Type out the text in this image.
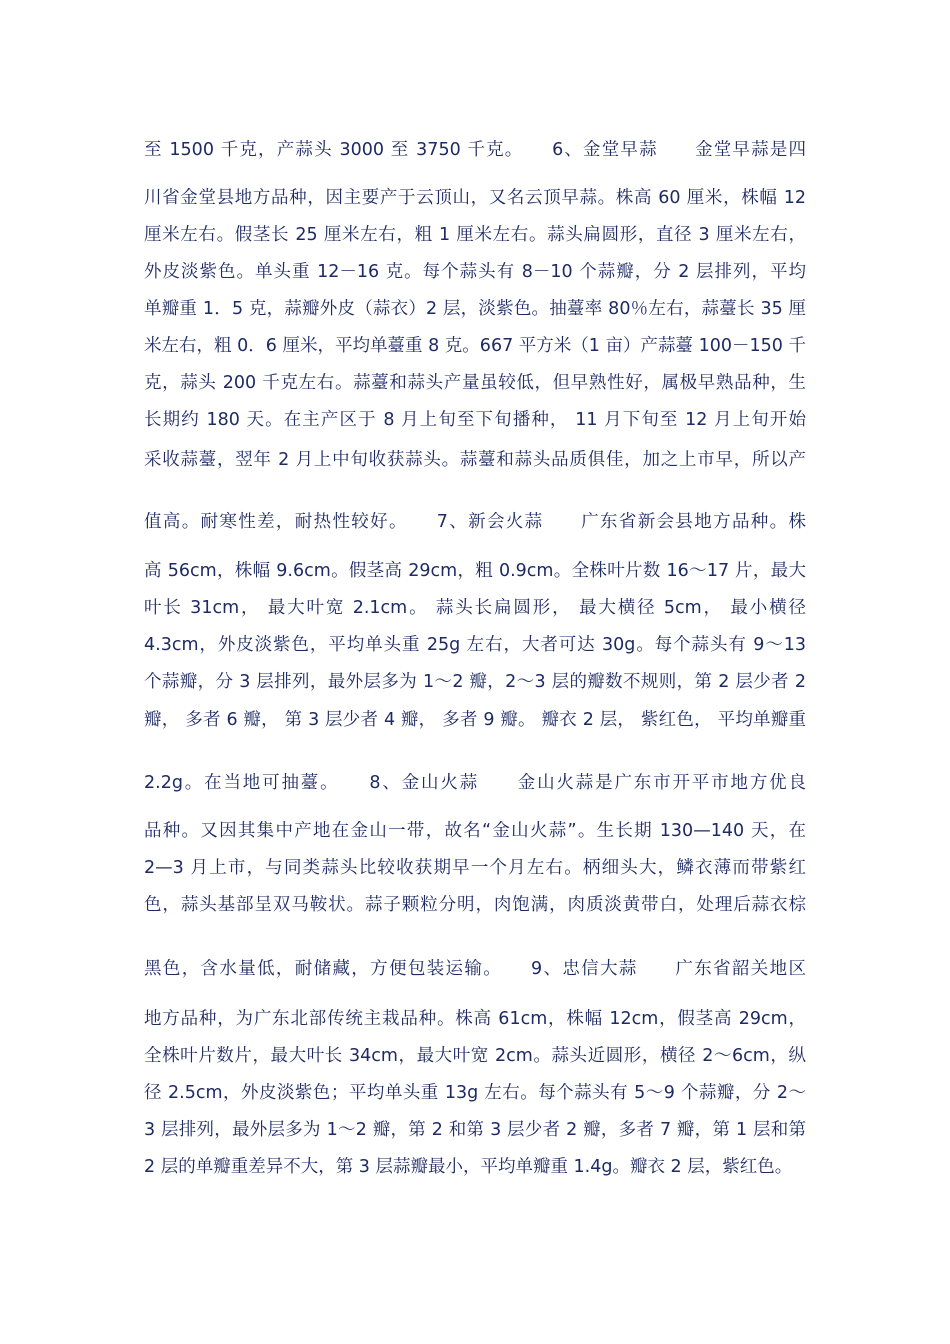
至 1500 千克，产蒜头 3000 至 3750 千克。　　6、金堂早蒜　　金堂早蒜是四
川省金堂县地方品种，因主要产于云顶山，又名云顶早蒜。株高 60 厘米，株幅 12
厘米左右。假茎长 25 厘米左右，粗 1 厘米左右。蒜头扁圆形，直径 3 厘米左右，
外皮淡紫色。单头重 12－16 克。每个蒜头有 8－10 个蒜瓣，分 2 层排列，平均
单瓣重 1．5 克，蒜瓣外皮（蒜衣）2 层，淡紫色。抽薹率 80％左右，蒜薹长 35 厘
米左右，粗 0．6 厘米，平均单薹重 8 克。667 平方米（1 亩）产蒜薹 100－150 千
克，蒜头 200 千克左右。蒜薹和蒜头产量虽较低，但早熟性好，属极早熟品种，生
长期约 180 天。在主产区于 8 月上旬至下旬播种， 11 月下旬至 12 月上旬开始
采收蒜薹，翌年 2 月上中旬收获蒜头。蒜薹和蒜头品质俱佳，加之上市早，所以产
值高。耐寒性差，耐热性较好。　　7、新会火蒜　　广东省新会县地方品种。株
高 56cm，株幅 9.6cm。假茎高 29cm，粗 0.9cm。全株叶片数 16～17 片，最大
叶长 31cm， 最大叶宽 2.1cm。 蒜头长扁圆形， 最大横径 5cm， 最小横径
4.3cm，外皮淡紫色，平均单头重 25g 左右，大者可达 30g。每个蒜头有 9～13
个蒜瓣，分 3 层排列，最外层多为 1～2 瓣，2～3 层的瓣数不规则，第 2 层少者 2
瓣， 多者 6 瓣， 第 3 层少者 4 瓣， 多者 9 瓣。 瓣衣 2 层， 紫红色， 平均单瓣重
2.2g。在当地可抽薹。　　8、金山火蒜　　金山火蒜是广东市开平市地方优良
品种。又因其集中产地在金山一带，故名“金山火蒜”。生长期 130—140 天，在
2—3 月上市，与同类蒜头比较收获期早一个月左右。柄细头大，鳞衣薄而带紫红
色，蒜头基部呈双马鞍状。蒜子颗粒分明，肉饱满，肉质淡黄带白，处理后蒜衣棕
黑色，含水量低，耐储藏，方便包装运输。　　9、忠信大蒜　　广东省韶关地区
地方品种，为广东北部传统主栽品种。株高 61cm，株幅 12cm，假茎高 29cm，
全株叶片数片，最大叶长 34cm，最大叶宽 2cm。蒜头近圆形，横径 2～6cm，纵
径 2.5cm，外皮淡紫色；平均单头重 13g 左右。每个蒜头有 5～9 个蒜瓣，分 2～
3 层排列，最外层多为 1～2 瓣，第 2 和第 3 层少者 2 瓣，多者 7 瓣，第 1 层和第
2 层的单瓣重差异不大，第 3 层蒜瓣最小，平均单瓣重 1.4g。瓣衣 2 层，紫红色。
